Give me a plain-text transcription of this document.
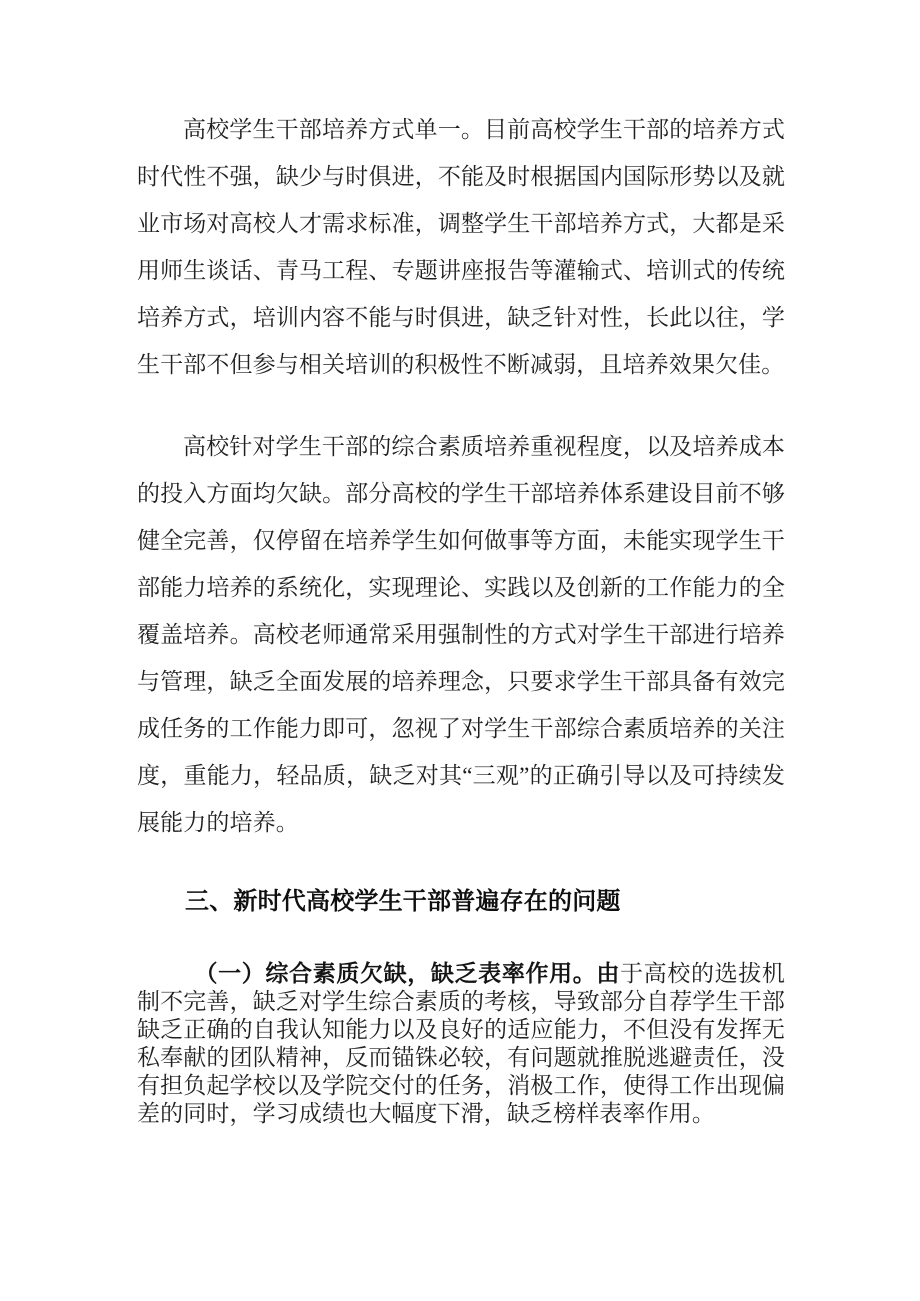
高校学生干部培养方式单一。目前高校学生干部的培养方式时代性不强，缺少与时俱进，不能及时根据国内国际形势以及就业市场对高校人才需求标准，调整学生干部培养方式，大都是采用师生谈话、青马工程、专题讲座报告等灌输式、培训式的传统培养方式，培训内容不能与时俱进，缺乏针对性，长此以往，学生干部不但参与相关培训的积极性不断减弱，且培养效果欠佳。

高校针对学生干部的综合素质培养重视程度，以及培养成本的投入方面均欠缺。部分高校的学生干部培养体系建设目前不够健全完善，仅停留在培养学生如何做事等方面，未能实现学生干部能力培养的系统化，实现理论、实践以及创新的工作能力的全覆盖培养。高校老师通常采用强制性的方式对学生干部进行培养与管理，缺乏全面发展的培养理念，只要求学生干部具备有效完成任务的工作能力即可，忽视了对学生干部综合素质培养的关注度，重能力，轻品质，缺乏对其“三观”的正确引导以及可持续发展能力的培养。

三、新时代高校学生干部普遍存在的问题

（一）综合素质欠缺，缺乏表率作用。由于高校的选拔机制不完善，缺乏对学生综合素质的考核，导致部分自荐学生干部缺乏正确的自我认知能力以及良好的适应能力，不但没有发挥无私奉献的团队精神，反而锚铢必较，有问题就推脱逃避责任，没有担负起学校以及学院交付的任务，消极工作，使得工作出现偏差的同时，学习成绩也大幅度下滑，缺乏榜样表率作用。
